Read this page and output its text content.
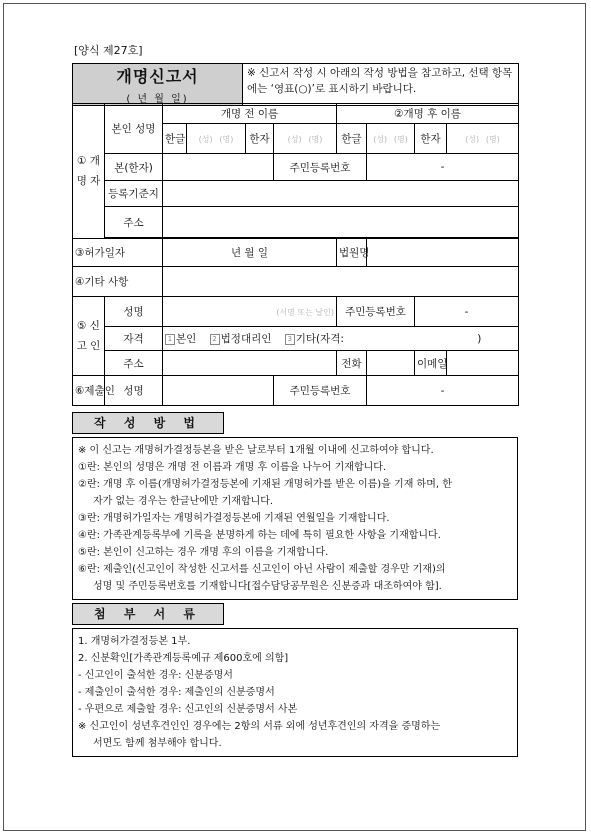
[양식 제27호]
개명신고서
( 년 월 일)
	※ 신고서 작성 시 아래의 작성 방법을 참고하고, 선택 항목에는 ‘영표(○)’로 표시하기 바랍니다.
① 개 명 자	본인 성명	개명 전 이름				②개명 후 이름			
		한글	(성) (명)	한자	(성) (명)	한글	(성) (명)	한자	(성) (명)
	본(한자)				주민등록번호		-		
	등록기준지								
	주소								

③허가일자		년 월 일				법원명			
④기타 사항									
⑤ 신 고 인	성명	(서명 또는 날인)				주민등록번호		-	
	자격	1 본인 2 법정대리인 3 기타(자격: )							
	주소					전화		이메일	
⑥제출인	성명				주민등록번호		-		
작 성 방 법

※ 이 신고는 개명허가결정등본을 받은 날로부터 1개월 이내에 신고하여야 합니다.

①란: 본인의 성명은 개명 전 이름과 개명 후 이름을 나누어 기재합니다.

②란: 개명 후 이름(개명허가결정등본에 기재된 개명허가를 받은 이름)을 기재 하며, 한

자가 없는 경우는 한글난에만 기재합니다.

③란: 개명허가일자는 개명허가결정등본에 기재된 연월일을 기재합니다.

④란: 가족관계등록부에 기록을 분명하게 하는 데에 특히 필요한 사항을 기재합니다.

⑤란: 본인이 신고하는 경우 개명 후의 이름을 기재합니다.

⑥란: 제출인(신고인이 작성한 신고서를 신고인이 아닌 사람이 제출할 경우만 기재)의

성명 및 주민등록번호를 기재합니다[접수담당공무원은 신분증과 대조하여야 함].

첨 부 서 류

1. 개명허가결정등본 1부.

2. 신분확인[가족관계등록예규 제600호에 의함]

- 신고인이 출석한 경우: 신분증명서

- 제출인이 출석한 경우: 제출인의 신분증명서

- 우편으로 제출할 경우: 신고인의 신분증명서 사본

※ 신고인이 성년후견인인 경우에는 2항의 서류 외에 성년후견인의 자격을 증명하는

서면도 함께 첨부해야 합니다.
